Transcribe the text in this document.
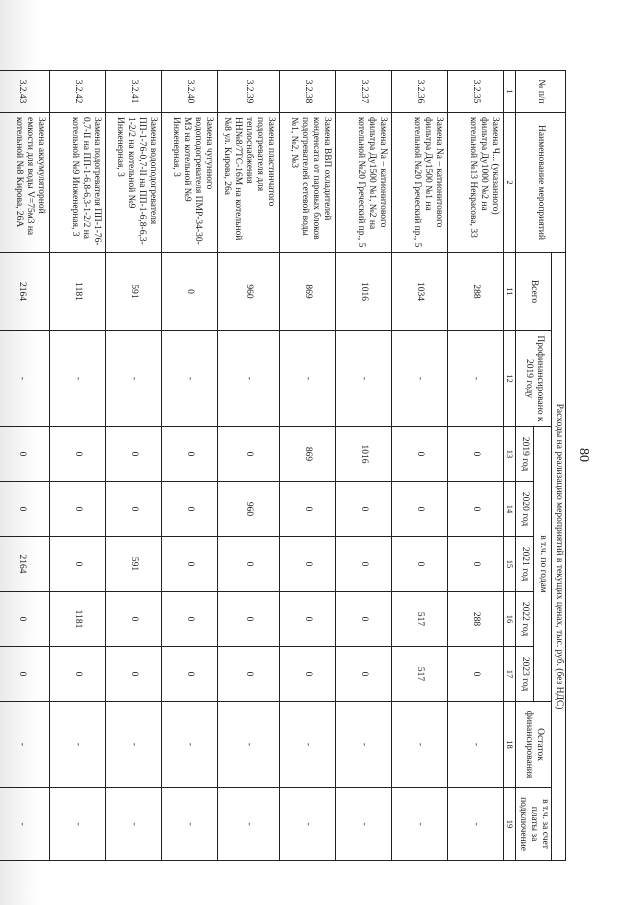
80
№ п/п	Наименование мероприятий	Расходы на реализацию мероприятий в текущих ценах, тыс. руб. (без НДС)								
		Всего	Профинансировано к 2019 году	в т.ч. по годам					Остаток финансирования	в т.ч. за счет платы за подключение
				2019 год	2020 год	2021 год	2022 год	2023 год		
1	2	11	12	13	14	15	16	17	18	19
3.2.35	Замена Ч... (указанного) фильтра Ду1000 №2 на котельной №13 Некрасова, 33	288	-	0	0	0	288	0	-	-
3.2.36	Замена Na – катионитового фильтра Ду1500 №1 на котельной №20 Греческий пр., 5	1034	-	0	0	0	517	517	-	-
3.2.37	Замена Na – катионитового фильтра Ду1500 №1, №2 на котельной №20 Греческий пр., 5	1016	-	1016	0	0	0	0	-	-
3.2.38	Замена ВВП охладителей конденсата от паровых блоков подогревателей сетевой воды №1, №2, №3	869	-	869	0	0	0	0	-	-
3.2.39	Замена пластинчатого подогревателя для теплоснабжения НН№8/7ТС-16М на котельной №8 ул. Кирова, 26а	960	-	0	960	0	0	0	-	-
3.2.40	Замена чугунного водоподогревателя ПМР-34-30-МЗ на котельной №9 Инженерная, 3	0	-	0	0	0	0	0	-	-
3.2.41	Замена водоподогревателя ПП-1-76-0,7-II на ПП-1-6,8-6,3-1-2/2 на котельной №9 Инженерная, 3	591	-	0	0	591	0	0	-	-
3.2.42	Замена подогревателя ПП-1-76-0,7-II на ПП-1-6,8-6,3-1-2/2 на котельной №9 Инженерная, 3	1181	-	0	0	0	1181	0	-	-
3.2.43	Замена аккумуляторной емкости для воды V=75м3 на котельной №8 Кирова, 26А	2164	-	0	0	2164	0	0	-	-
